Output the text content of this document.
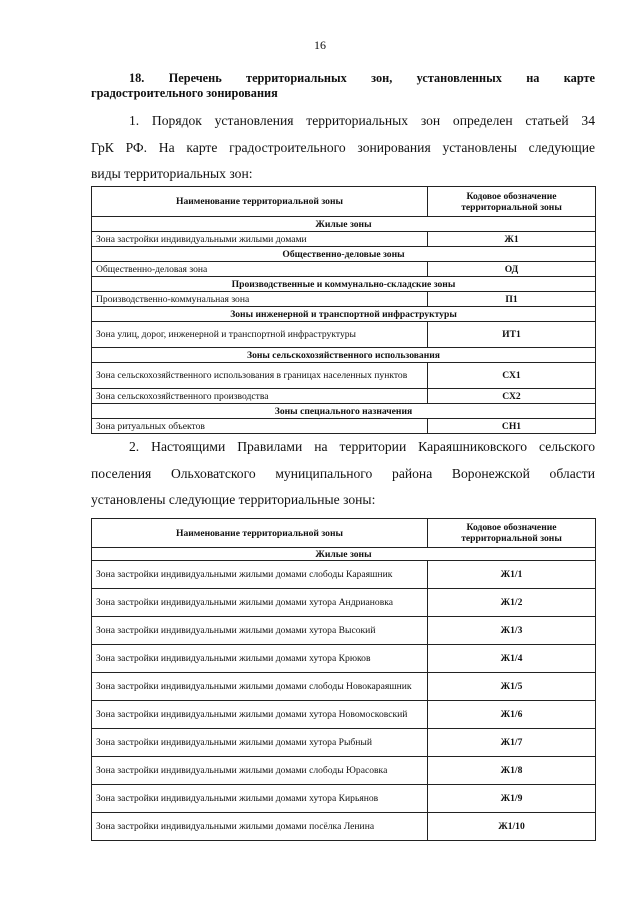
16
18. Перечень территориальных зон, установленных на карте
градостроительного зонирования
1. Порядок установления территориальных зон определен статьей 34
ГрК РФ. На карте градостроительного зонирования установлены следующие
виды территориальных зон:
Наименование территориальной зоны	Кодовое обозначение
территориальной зоны
Жилые зоны	
Зона застройки индивидуальными жилыми домами	Ж1
Общественно-деловые зоны	
Общественно-деловая зона	ОД
Производственные и коммунально-складские зоны	
Производственно-коммунальная зона	П1
Зоны инженерной и транспортной инфраструктуры	
Зона улиц, дорог, инженерной и транспортной инфраструктуры	ИТ1
Зоны сельскохозяйственного использования	
Зона сельскохозяйственного использования в границах населенных пунктов	СХ1
Зона сельскохозяйственного производства	СХ2
Зоны специального назначения	
Зона ритуальных объектов	СН1
2. Настоящими Правилами на территории Караяшниковского сельского
поселения Ольховатского муниципального района Воронежской области
установлены следующие территориальные зоны:
Наименование территориальной зоны	Кодовое обозначение
территориальной зоны
Жилые зоны	
Зона застройки индивидуальными жилыми домами слободы Караяшник	Ж1/1
Зона застройки индивидуальными жилыми домами хутора Андриановка	Ж1/2
Зона застройки индивидуальными жилыми домами хутора Высокий	Ж1/3
Зона застройки индивидуальными жилыми домами хутора Крюков	Ж1/4
Зона застройки индивидуальными жилыми домами слободы Новокараяшник	Ж1/5
Зона застройки индивидуальными жилыми домами хутора Новомосковский	Ж1/6
Зона застройки индивидуальными жилыми домами хутора Рыбный	Ж1/7
Зона застройки индивидуальными жилыми домами слободы Юрасовка	Ж1/8
Зона застройки индивидуальными жилыми домами хутора Кирьянов	Ж1/9
Зона застройки индивидуальными жилыми домами посёлка Ленина	Ж1/10
